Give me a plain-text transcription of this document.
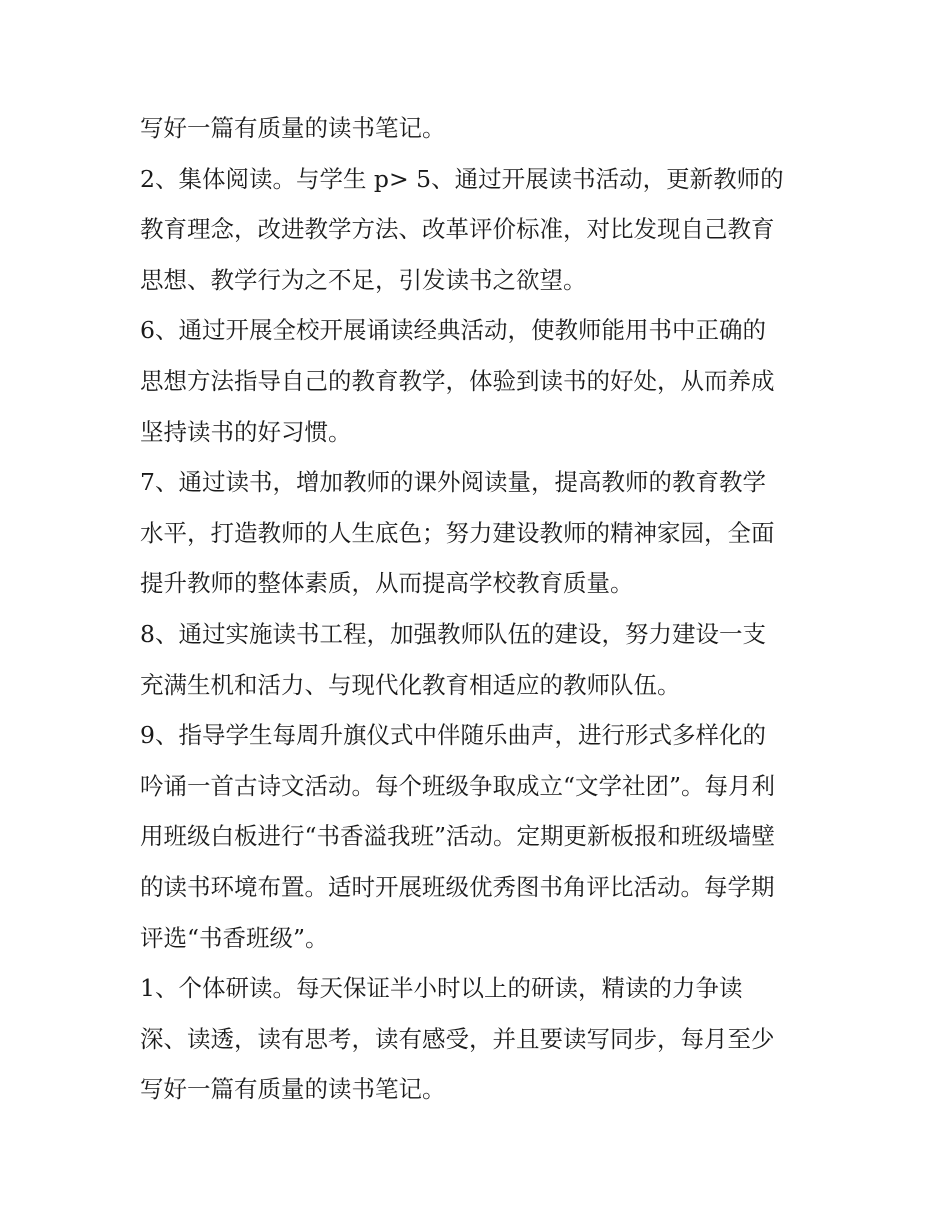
写好一篇有质量的读书笔记。
2、集体阅读。与学生 p> 5、通过开展读书活动，更新教师的
教育理念，改进教学方法、改革评价标准，对比发现自己教育
思想、教学行为之不足，引发读书之欲望。
6、通过开展全校开展诵读经典活动，使教师能用书中正确的
思想方法指导自己的教育教学，体验到读书的好处，从而养成
坚持读书的好习惯。
7、通过读书，增加教师的课外阅读量，提高教师的教育教学
水平，打造教师的人生底色；努力建设教师的精神家园，全面
提升教师的整体素质，从而提高学校教育质量。
8、通过实施读书工程，加强教师队伍的建设，努力建设一支
充满生机和活力、与现代化教育相适应的教师队伍。
9、指导学生每周升旗仪式中伴随乐曲声，进行形式多样化的
吟诵一首古诗文活动。每个班级争取成立“文学社团”。每月利
用班级白板进行“书香溢我班”活动。定期更新板报和班级墙壁
的读书环境布置。适时开展班级优秀图书角评比活动。每学期
评选“书香班级”。
1、个体研读。每天保证半小时以上的研读，精读的力争读
深、读透，读有思考，读有感受，并且要读写同步，每月至少
写好一篇有质量的读书笔记。
